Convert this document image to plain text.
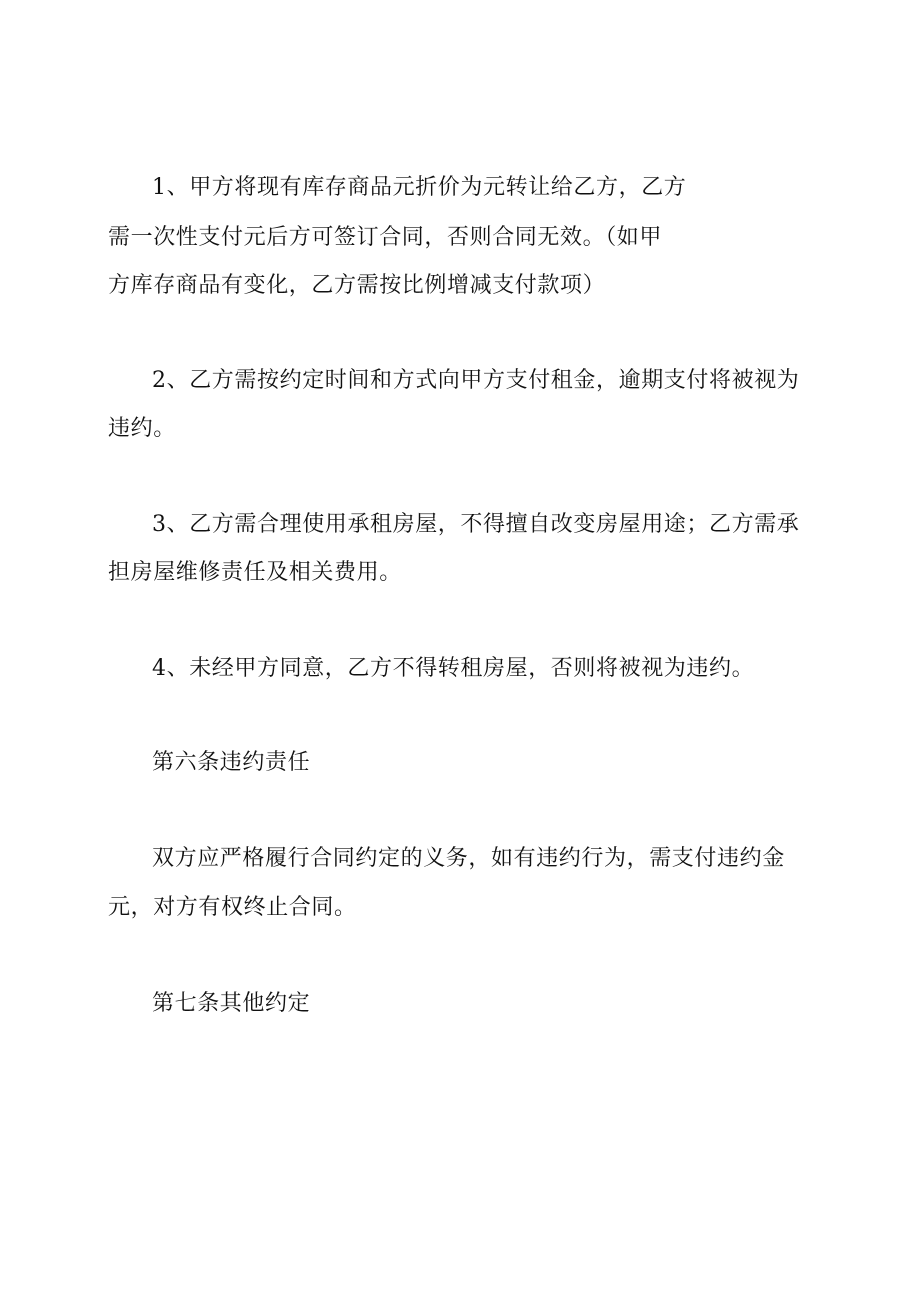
1、甲方将现有库存商品元折价为元转让给乙方，乙方
需一次性支付元后方可签订合同，否则合同无效。（如甲
方库存商品有变化，乙方需按比例增减支付款项）
2、乙方需按约定时间和方式向甲方支付租金，逾期支付将被视为
违约。
3、乙方需合理使用承租房屋，不得擅自改变房屋用途；乙方需承
担房屋维修责任及相关费用。
4、未经甲方同意，乙方不得转租房屋，否则将被视为违约。
第六条违约责任
双方应严格履行合同约定的义务，如有违约行为，需支付违约金
元，对方有权终止合同。
第七条其他约定
